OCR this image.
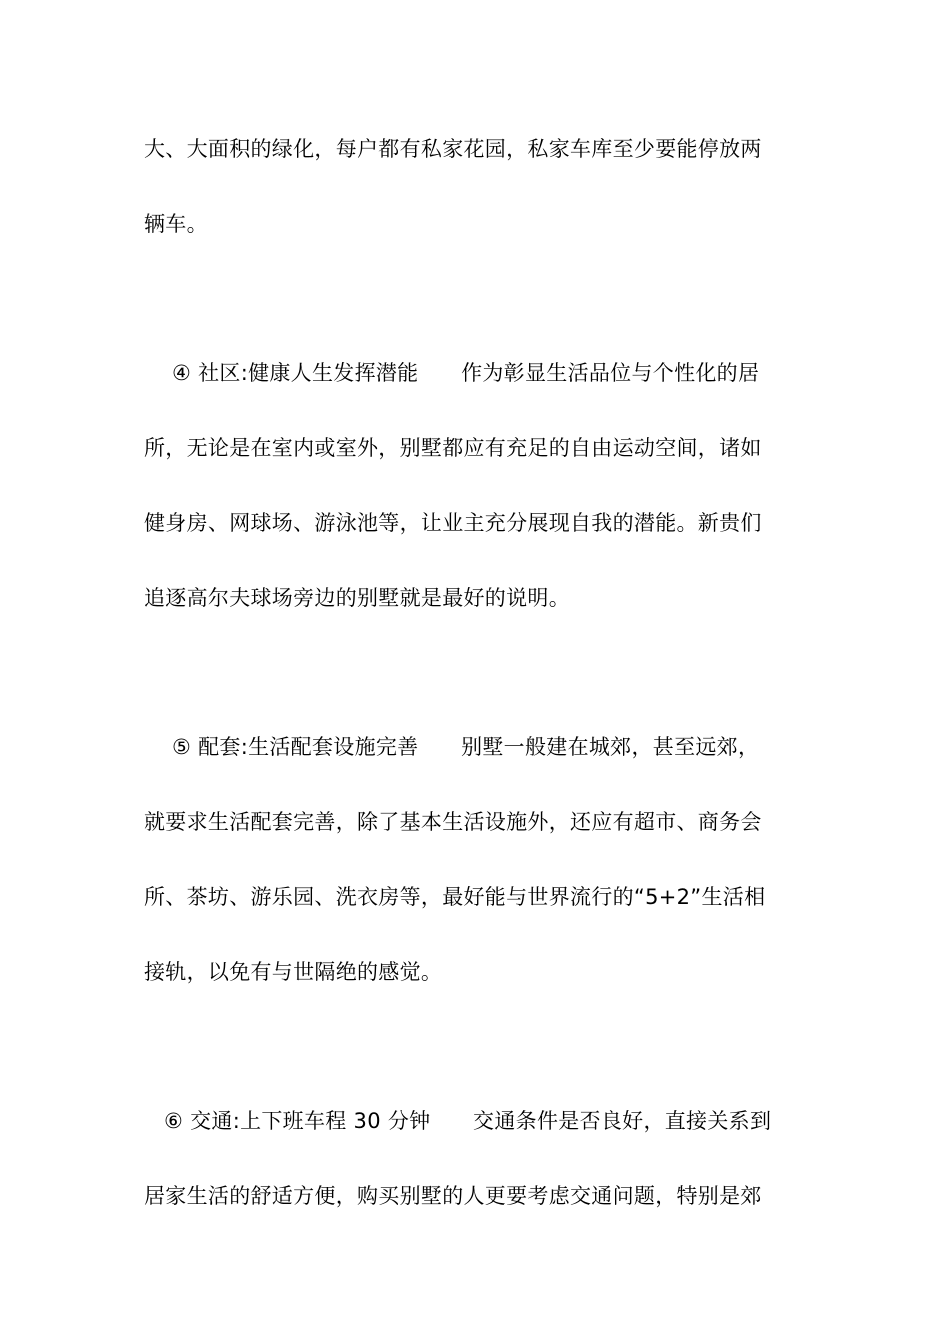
大、大面积的绿化，每户都有私家花园，私家车库至少要能停放两
辆车。
④ 社区:健康人生发挥潜能　　作为彰显生活品位与个性化的居
所，无论是在室内或室外，别墅都应有充足的自由运动空间，诸如
健身房、网球场、游泳池等，让业主充分展现自我的潜能。新贵们
追逐高尔夫球场旁边的别墅就是最好的说明。
⑤ 配套:生活配套设施完善　　别墅一般建在城郊，甚至远郊，
就要求生活配套完善，除了基本生活设施外，还应有超市、商务会
所、茶坊、游乐园、洗衣房等，最好能与世界流行的“5+2”生活相
接轨，以免有与世隔绝的感觉。
⑥ 交通:上下班车程 30 分钟　　交通条件是否良好，直接关系到
居家生活的舒适方便，购买别墅的人更要考虑交通问题，特别是郊
